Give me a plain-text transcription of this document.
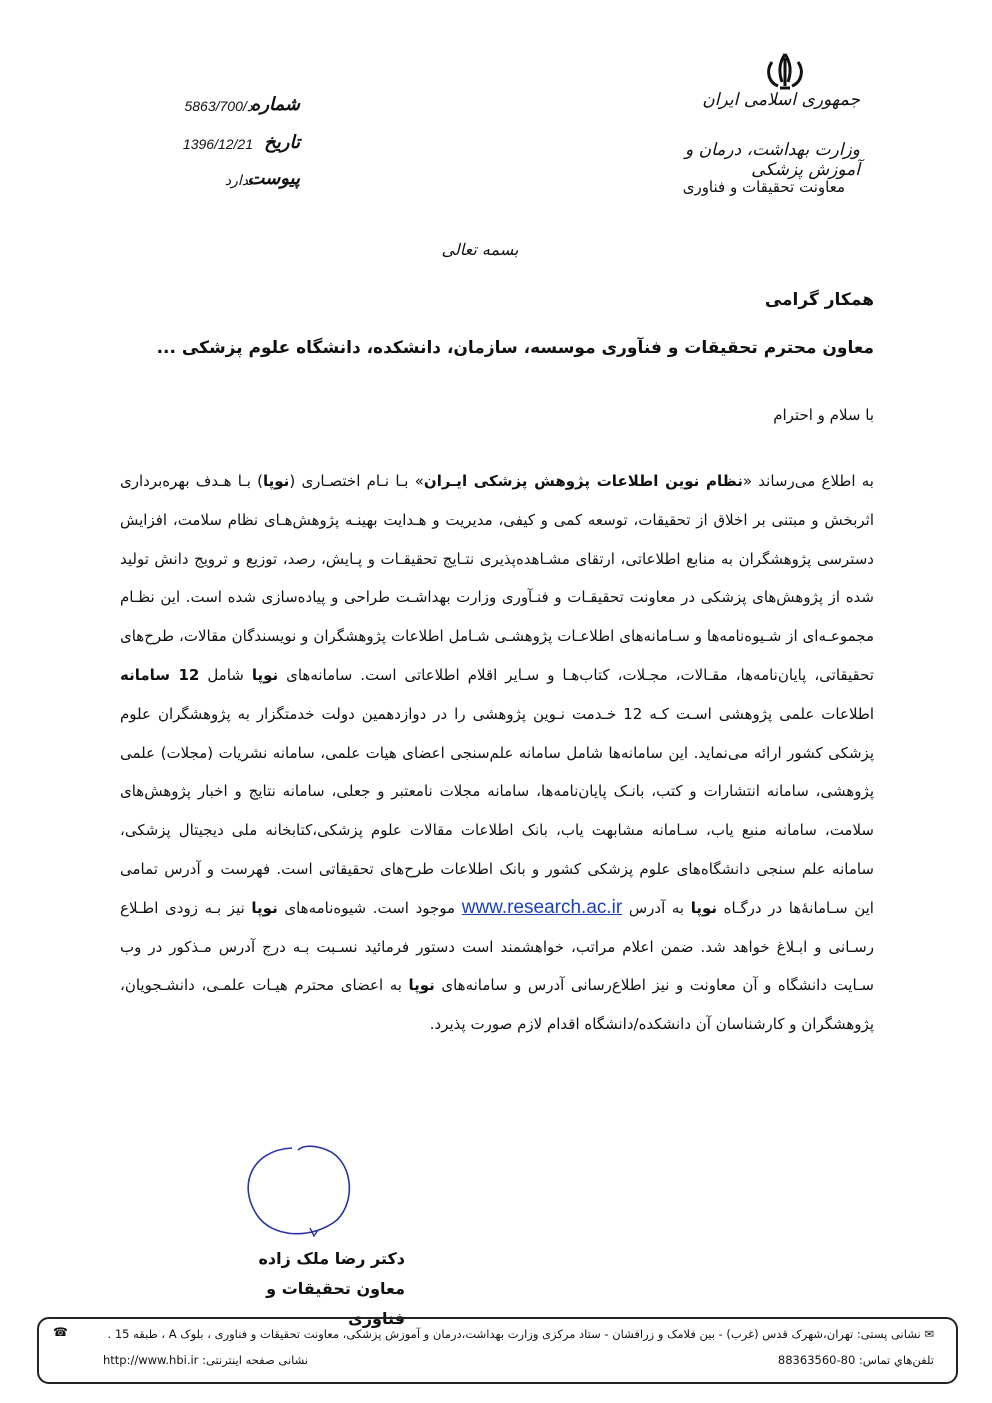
جمهوری اسلامی ایران
وزارت بهداشت، درمان و آموزش پزشکی
معاونت تحقیقات و فناوری
شماره
5863/د/700
تاریخ
1396/12/21
پیوست
ندارد
بسمه تعالی
همکار گرامی
معاون محترم تحقیقات و فنآوری موسسه، سازمان، دانشکده، دانشگاه علوم پزشکی ...
با سلام و احترام
به اطلاع می‌رساند «نظام نوین اطلاعات پژوهش پزشکی ایـران» بـا نـام اختصـاری (نوپا) بـا هـدف بهره‌برداری اثربخش و مبتنی بر اخلاق از تحقیقات، توسعه کمی و کیفی، مدیریت و هـدایت بهینـه پژوهش‌هـای نظام سلامت، افزایش دسترسی پژوهشگران به منابع اطلاعاتی، ارتقای مشـاهده‌پذیری نتـایج تحقیقـات و پـایش، رصد، توزیع و ترویج دانش تولید شده از پژوهش‌های پزشکی در معاونت تحقیقـات و فنـآوری وزارت بهداشـت طراحی و پیاده‌سازی شده است. این نظـام مجموعـه‌ای از شـیوه‌نامه‌ها و سـامانه‌های اطلاعـات پژوهشـی شـامل اطلاعات پژوهشگران و نویسندگان مقالات، طرح‌های تحقیقاتی، پایان‌نامه‌ها، مقـالات، مجـلات، کتاب‌هـا و سـایر اقلام اطلاعاتی است. سامانه‌های نوپا شامل 12 سامانه اطلاعات علمی پژوهشی اسـت کـه 12 خـدمت نـوین پژوهشی را در دوازدهمین دولت خدمتگزار به پژوهشگران علوم پزشکی کشور ارائه می‌نماید. این سامانه‌ها شامل سامانه علم‌سنجی اعضای هیات علمی، سامانه نشریات (مجلات) علمی پژوهشی، سامانه انتشارات و کتب، بانـک پایان‌نامه‌ها، سامانه مجلات نامعتبر و جعلی، سامانه نتایج و اخبار پژوهش‌های سلامت، سامانه منبع یاب، سـامانه مشابهت یاب، بانک اطلاعات مقالات علوم پزشکی،کتابخانه ملی دیجیتال پزشکی، سامانه علم سنجی دانشگاه‌های علوم پزشکی کشور و بانک اطلاعات طرح‌های تحقیقاتی است. فهرست و آدرس تمامی این سـامانهٔ‌ها در درگـاه نوپا به آدرس www.research.ac.ir موجود است. شیوه‌نامه‌های نوپا نیز بـه زودی اطـلاع رسـانی و ابـلاغ خواهد شد. ضمن اعلام مراتب، خواهشمند است دستور فرمائید نسـبت بـه درج آدرس مـذکور در وب سـایت دانشگاه و آن معاونت و نیز اطلاع‌رسانی آدرس و سامانه‌های نوپا به اعضای محترم هیـات علمـی، دانشـجویان، پژوهشگران و کارشناسان آن دانشکده/دانشگاه اقدام لازم صورت پذیرد.
دکتر رضا ملک زاده
معاون تحقیقات و فناوری
☎	✉ نشانی پستی: تهران،شهرک قدس (غرب) - بین فلامک و زرافشان - ستاد مرکزی وزارت بهداشت،درمان و آموزش پزشکی، معاونت تحقیقات و فناوری ، بلوک A ، طبقه 15 .
تلفن‌هاي تماس: 80-88363560
نشانی صفحه اینترنتی: http://www.hbi.ir
